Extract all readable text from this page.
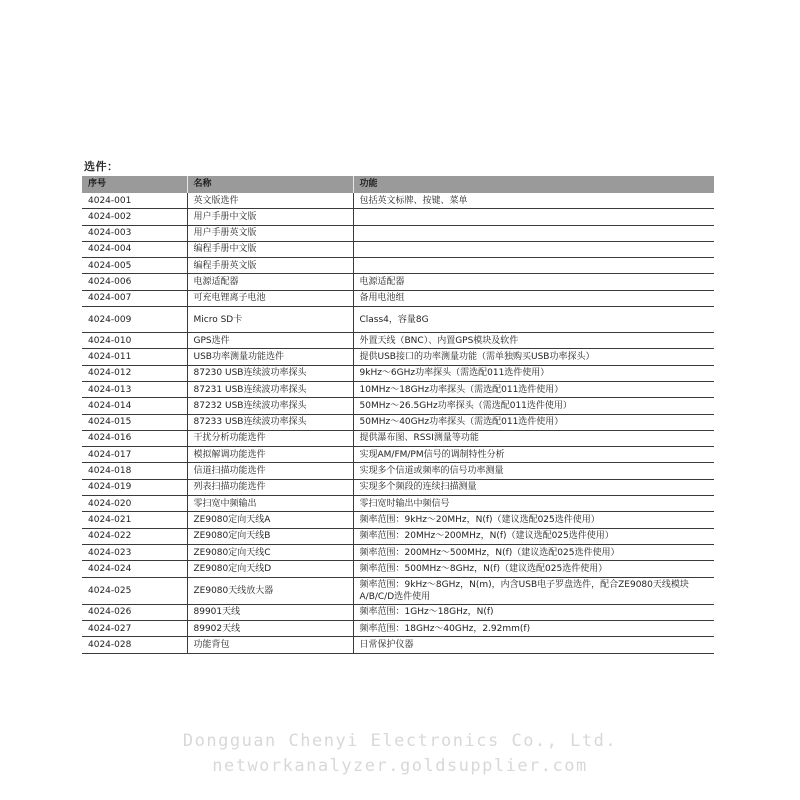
选件：
序号	名称	功能
4024-001	英文版选件	包括英文标牌、按键、菜单
4024-002	用户手册中文版	
4024-003	用户手册英文版	
4024-004	编程手册中文版	
4024-005	编程手册英文版	
4024-006	电源适配器	电源适配器
4024-007	可充电锂离子电池	备用电池组
4024-009	Micro SD卡	Class4，容量8G
4024-010	GPS选件	外置天线（BNC）、内置GPS模块及软件
4024-011	USB功率测量功能选件	提供USB接口的功率测量功能（需单独购买USB功率探头）
4024-012	87230 USB连续波功率探头	9kHz～6GHz功率探头（需选配011选件使用）
4024-013	87231 USB连续波功率探头	10MHz～18GHz功率探头（需选配011选件使用）
4024-014	87232 USB连续波功率探头	50MHz～26.5GHz功率探头（需选配011选件使用）
4024-015	87233 USB连续波功率探头	50MHz～40GHz功率探头（需选配011选件使用）
4024-016	干扰分析功能选件	提供瀑布图、RSSI测量等功能
4024-017	模拟解调功能选件	实现AM/FM/PM信号的调制特性分析
4024-018	信道扫描功能选件	实现多个信道或频率的信号功率测量
4024-019	列表扫描功能选件	实现多个频段的连续扫描测量
4024-020	零扫宽中频输出	零扫宽时输出中频信号
4024-021	ZE9080定向天线A	频率范围：9kHz～20MHz，N(f)（建议选配025选件使用）
4024-022	ZE9080定向天线B	频率范围：20MHz～200MHz，N(f)（建议选配025选件使用）
4024-023	ZE9080定向天线C	频率范围：200MHz～500MHz，N(f)（建议选配025选件使用）
4024-024	ZE9080定向天线D	频率范围：500MHz～8GHz，N(f)（建议选配025选件使用）
4024-025	ZE9080天线放大器	频率范围：9kHz～8GHz，N(m)，内含USB电子罗盘选件，配合ZE9080天线模块A/B/C/D选件使用
4024-026	89901天线	频率范围：1GHz～18GHz，N(f)
4024-027	89902天线	频率范围：18GHz～40GHz，2.92mm(f)
4024-028	功能背包	日常保护仪器
Dongguan Chenyi Electronics Co., Ltd.
networkanalyzer.goldsupplier.com
